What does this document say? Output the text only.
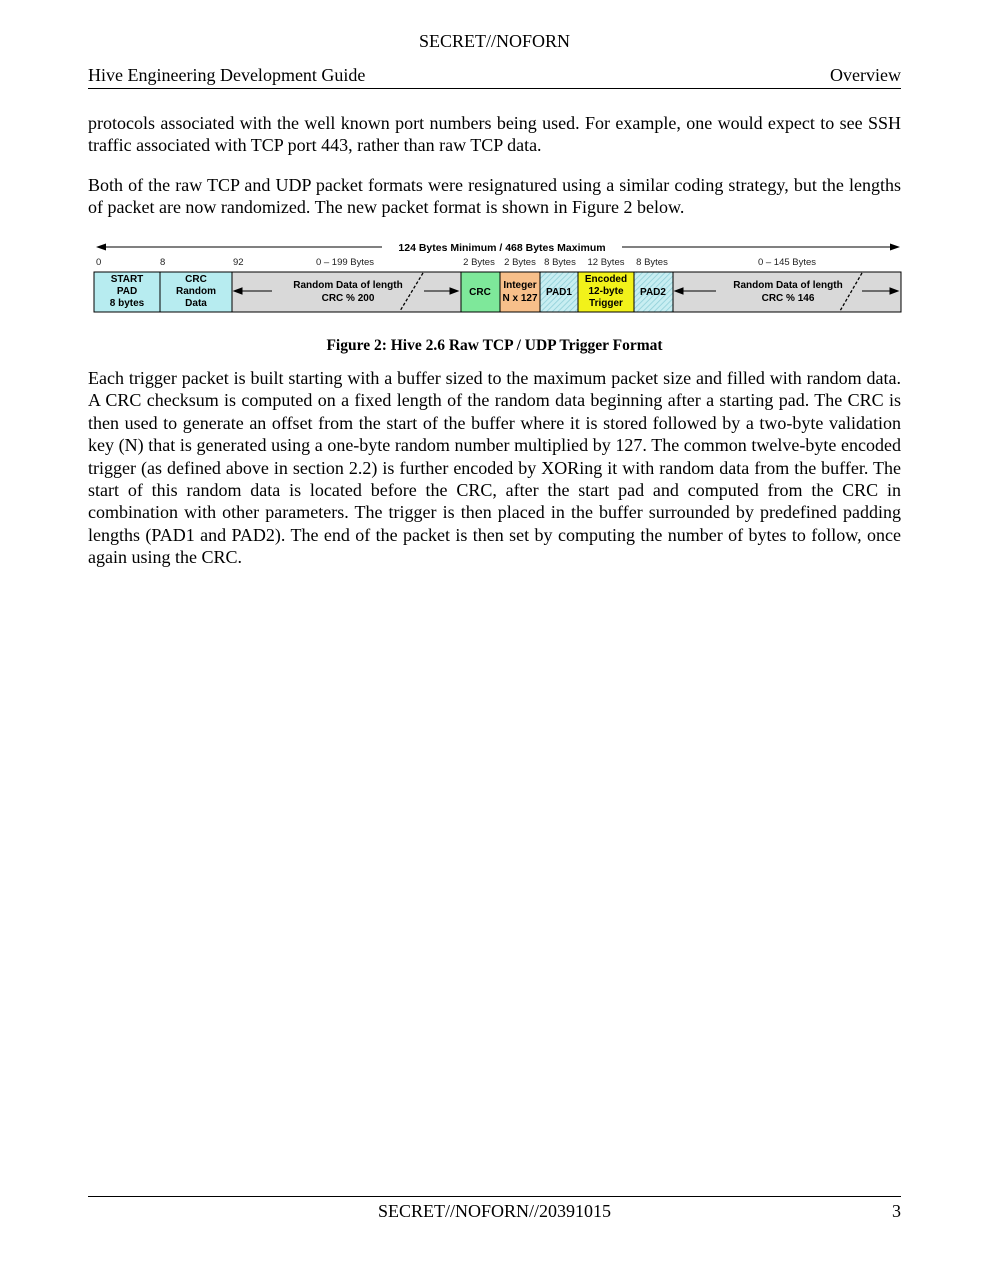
SECRET//NOFORN
Hive Engineering Development Guide	Overview

protocols associated with the well known port numbers being used. For example, one would expect to see SSH traffic associated with TCP port 443, rather than raw TCP data.

Both of the raw TCP and UDP packet formats were resignatured using a similar coding strategy, but the lengths of packet are now randomized. The new packet format is shown in Figure 2 below.

124 Bytes Minimum / 468 Bytes Maximum
0	8	92	0 – 199 Bytes	2 Bytes 2 Bytes 8 Bytes 12 Bytes 8 Bytes	0 – 145 Bytes
START
PAD
8 bytes
CRC
Random
Data
Random Data of length
CRC % 200
CRC
Integer
N x 127
PAD1
Encoded
12-byte
Trigger
PAD2
Random Data of length
CRC % 146
Figure 2: Hive 2.6 Raw TCP / UDP Trigger Format

Each trigger packet is built starting with a buffer sized to the maximum packet size and filled with random data. A CRC checksum is computed on a fixed length of the random data beginning after a starting pad. The CRC is then used to generate an offset from the start of the buffer where it is stored followed by a two-byte validation key (N) that is generated using a one-byte random number multiplied by 127. The common twelve-byte encoded trigger (as defined above in section 2.2) is further encoded by XORing it with random data from the buffer. The start of this random data is located before the CRC, after the start pad and computed from the CRC in combination with other parameters. The trigger is then placed in the buffer surrounded by predefined padding lengths (PAD1 and PAD2). The end of the packet is then set by computing the number of bytes to follow, once again using the CRC.

SECRET//NOFORN//20391015	3
